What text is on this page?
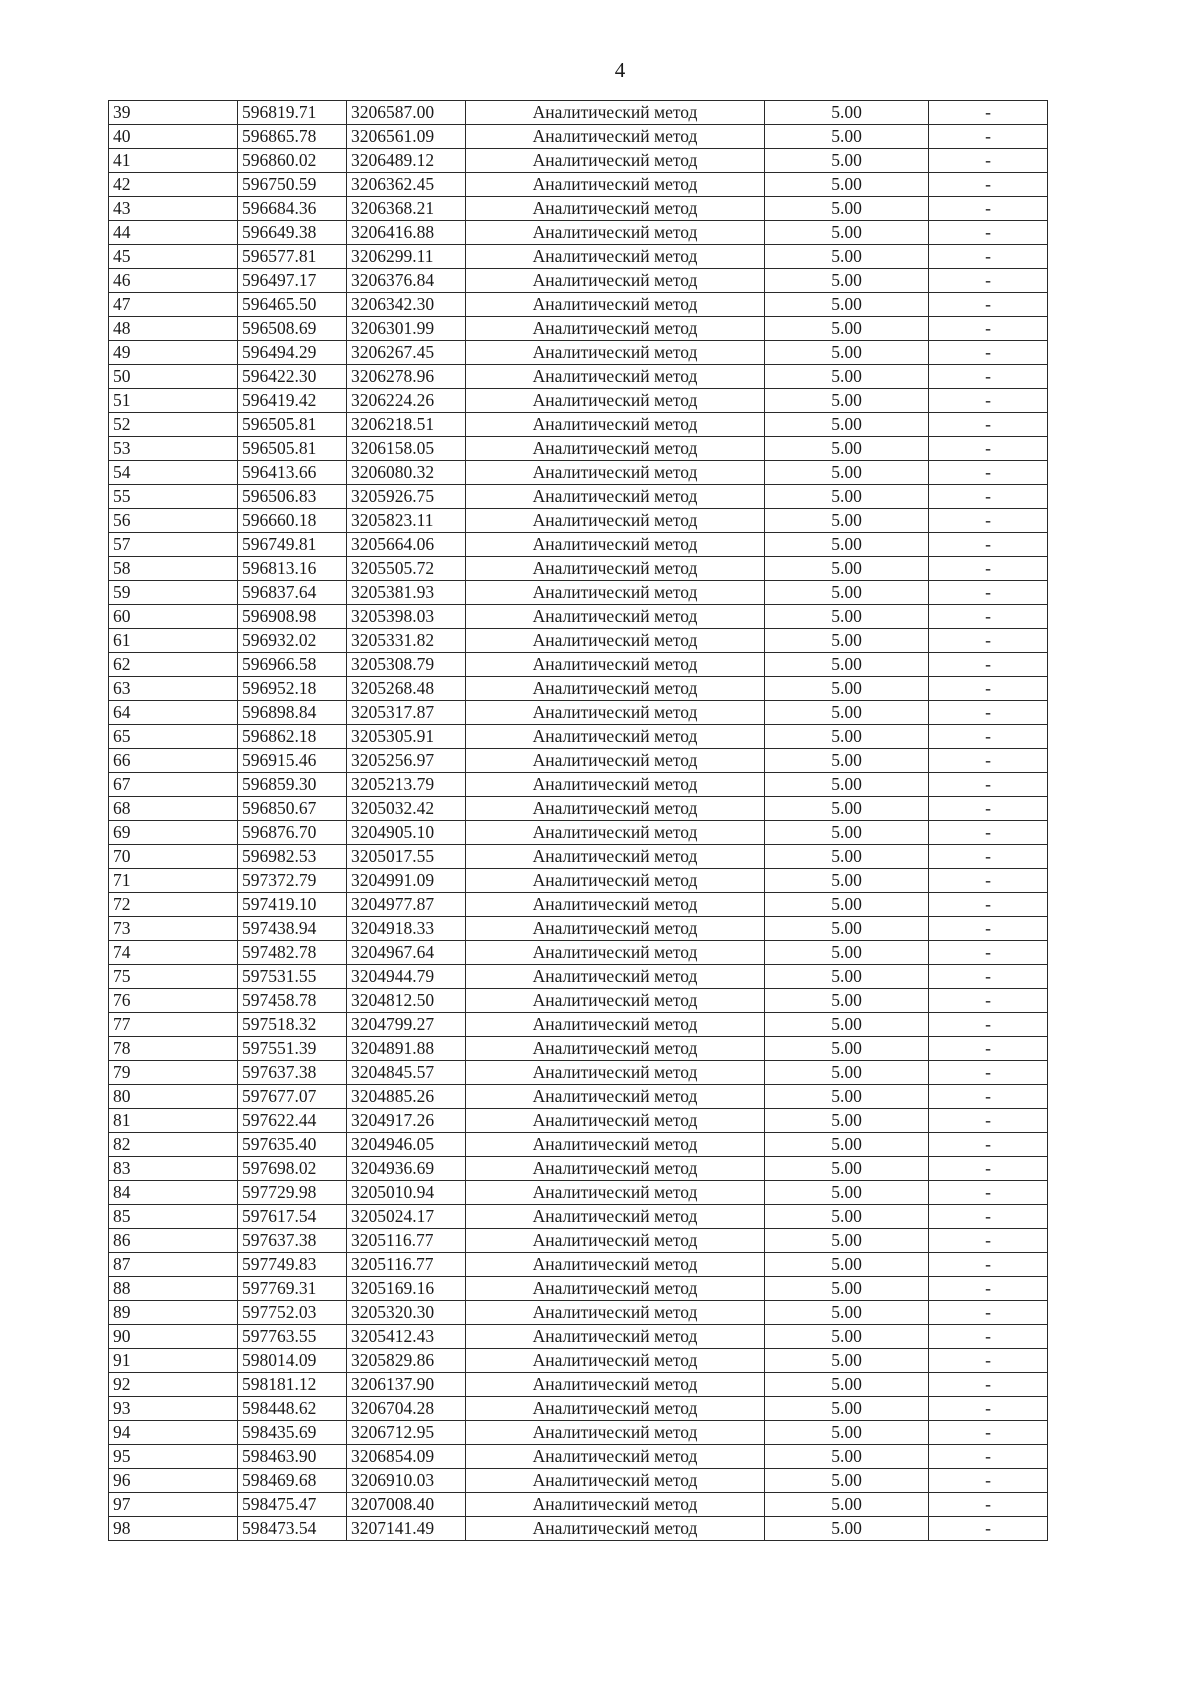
4
39	596819.71	3206587.00	Аналитический метод	5.00	-
40	596865.78	3206561.09	Аналитический метод	5.00	-
41	596860.02	3206489.12	Аналитический метод	5.00	-
42	596750.59	3206362.45	Аналитический метод	5.00	-
43	596684.36	3206368.21	Аналитический метод	5.00	-
44	596649.38	3206416.88	Аналитический метод	5.00	-
45	596577.81	3206299.11	Аналитический метод	5.00	-
46	596497.17	3206376.84	Аналитический метод	5.00	-
47	596465.50	3206342.30	Аналитический метод	5.00	-
48	596508.69	3206301.99	Аналитический метод	5.00	-
49	596494.29	3206267.45	Аналитический метод	5.00	-
50	596422.30	3206278.96	Аналитический метод	5.00	-
51	596419.42	3206224.26	Аналитический метод	5.00	-
52	596505.81	3206218.51	Аналитический метод	5.00	-
53	596505.81	3206158.05	Аналитический метод	5.00	-
54	596413.66	3206080.32	Аналитический метод	5.00	-
55	596506.83	3205926.75	Аналитический метод	5.00	-
56	596660.18	3205823.11	Аналитический метод	5.00	-
57	596749.81	3205664.06	Аналитический метод	5.00	-
58	596813.16	3205505.72	Аналитический метод	5.00	-
59	596837.64	3205381.93	Аналитический метод	5.00	-
60	596908.98	3205398.03	Аналитический метод	5.00	-
61	596932.02	3205331.82	Аналитический метод	5.00	-
62	596966.58	3205308.79	Аналитический метод	5.00	-
63	596952.18	3205268.48	Аналитический метод	5.00	-
64	596898.84	3205317.87	Аналитический метод	5.00	-
65	596862.18	3205305.91	Аналитический метод	5.00	-
66	596915.46	3205256.97	Аналитический метод	5.00	-
67	596859.30	3205213.79	Аналитический метод	5.00	-
68	596850.67	3205032.42	Аналитический метод	5.00	-
69	596876.70	3204905.10	Аналитический метод	5.00	-
70	596982.53	3205017.55	Аналитический метод	5.00	-
71	597372.79	3204991.09	Аналитический метод	5.00	-
72	597419.10	3204977.87	Аналитический метод	5.00	-
73	597438.94	3204918.33	Аналитический метод	5.00	-
74	597482.78	3204967.64	Аналитический метод	5.00	-
75	597531.55	3204944.79	Аналитический метод	5.00	-
76	597458.78	3204812.50	Аналитический метод	5.00	-
77	597518.32	3204799.27	Аналитический метод	5.00	-
78	597551.39	3204891.88	Аналитический метод	5.00	-
79	597637.38	3204845.57	Аналитический метод	5.00	-
80	597677.07	3204885.26	Аналитический метод	5.00	-
81	597622.44	3204917.26	Аналитический метод	5.00	-
82	597635.40	3204946.05	Аналитический метод	5.00	-
83	597698.02	3204936.69	Аналитический метод	5.00	-
84	597729.98	3205010.94	Аналитический метод	5.00	-
85	597617.54	3205024.17	Аналитический метод	5.00	-
86	597637.38	3205116.77	Аналитический метод	5.00	-
87	597749.83	3205116.77	Аналитический метод	5.00	-
88	597769.31	3205169.16	Аналитический метод	5.00	-
89	597752.03	3205320.30	Аналитический метод	5.00	-
90	597763.55	3205412.43	Аналитический метод	5.00	-
91	598014.09	3205829.86	Аналитический метод	5.00	-
92	598181.12	3206137.90	Аналитический метод	5.00	-
93	598448.62	3206704.28	Аналитический метод	5.00	-
94	598435.69	3206712.95	Аналитический метод	5.00	-
95	598463.90	3206854.09	Аналитический метод	5.00	-
96	598469.68	3206910.03	Аналитический метод	5.00	-
97	598475.47	3207008.40	Аналитический метод	5.00	-
98	598473.54	3207141.49	Аналитический метод	5.00	-
